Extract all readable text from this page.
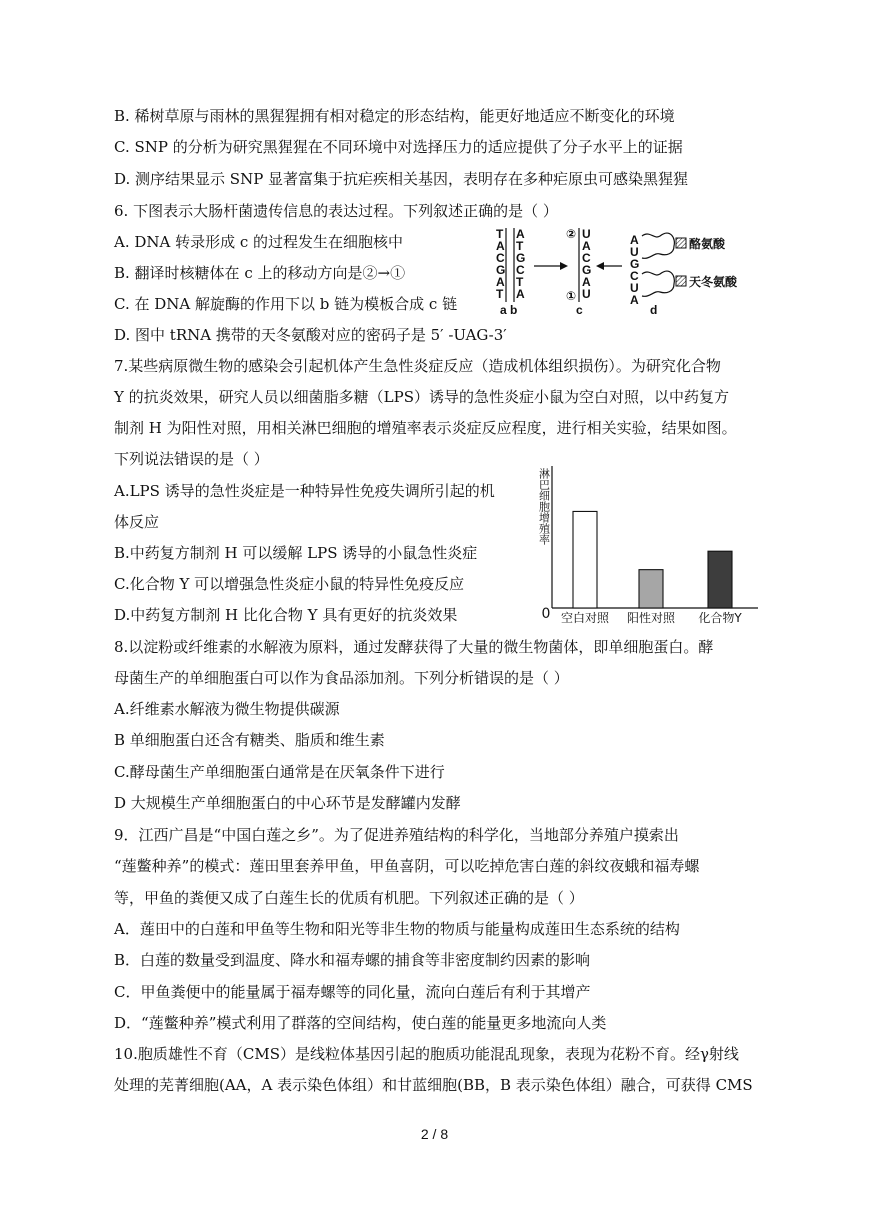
B. 稀树草原与雨林的黑猩猩拥有相对稳定的形态结构，能更好地适应不断变化的环境
C. SNP 的分析为研究黑猩猩在不同环境中对选择压力的适应提供了分子水平上的证据
D. 测序结果显示 SNP 显著富集于抗疟疾相关基因，表明存在多种疟原虫可感染黑猩猩
6. 下图表示大肠杆菌遗传信息的表达过程。下列叙述正确的是（ ）
A. DNA 转录形成 c 的过程发生在细胞核中
B. 翻译时核糖体在 c 上的移动方向是②→①
C. 在 DNA 解旋酶的作用下以 b 链为模板合成 c 链
D. 图中 tRNA 携带的天冬氨酸对应的密码子是 5′ -UAG-3′
7.某些病原微生物的感染会引起机体产生急性炎症反应（造成机体组织损伤）。为研究化合物
Y 的抗炎效果，研究人员以细菌脂多糖（LPS）诱导的急性炎症小鼠为空白对照，以中药复方
制剂 H 为阳性对照，用相关淋巴细胞的增殖率表示炎症反应程度，进行相关实验，结果如图。
下列说法错误的是（ ）
A.LPS 诱导的急性炎症是一种特异性免疫失调所引起的机
体反应
B.中药复方制剂 H 可以缓解 LPS 诱导的小鼠急性炎症
C.化合物 Y 可以增强急性炎症小鼠的特异性免疫反应
D.中药复方制剂 H 比化合物 Y 具有更好的抗炎效果
8.以淀粉或纤维素的水解液为原料，通过发酵获得了大量的微生物菌体，即单细胞蛋白。酵
母菌生产的单细胞蛋白可以作为食品添加剂。下列分析错误的是（ ）
A.纤维素水解液为微生物提供碳源
B 单细胞蛋白还含有糖类、脂质和维生素
C.酵母菌生产单细胞蛋白通常是在厌氧条件下进行
D 大规模生产单细胞蛋白的中心环节是发酵罐内发酵
9．江西广昌是“中国白莲之乡”。为了促进养殖结构的科学化，当地部分养殖户摸索出
“莲鳖种养”的模式：莲田里套养甲鱼，甲鱼喜阴，可以吃掉危害白莲的斜纹夜蛾和福寿螺
等，甲鱼的粪便又成了白莲生长的优质有机肥。下列叙述正确的是（ ）
A．莲田中的白莲和甲鱼等生物和阳光等非生物的物质与能量构成莲田生态系统的结构
B．白莲的数量受到温度、降水和福寿螺的捕食等非密度制约因素的影响
C．甲鱼粪便中的能量属于福寿螺等的同化量，流向白莲后有利于其增产
D．“莲鳖种养”模式利用了群落的空间结构，使白莲的能量更多地流向人类
10.胞质雄性不育（CMS）是线粒体基因引起的胞质功能混乱现象，表现为花粉不育。经γ射线
处理的芜菁细胞(AA，A 表示染色体组）和甘蓝细胞(BB，B 表示染色体组）融合，可获得 CMS
T
A
C
G
A
T
A
T
G
C
T
A
a b
②
①
U
A
C
G
A
U
c
A
U
G
C
U
A
酪氨酸
天冬氨酸
d
0
淋巴细胞增殖率
空白对照 阳性对照 化合物Y
2 / 8
